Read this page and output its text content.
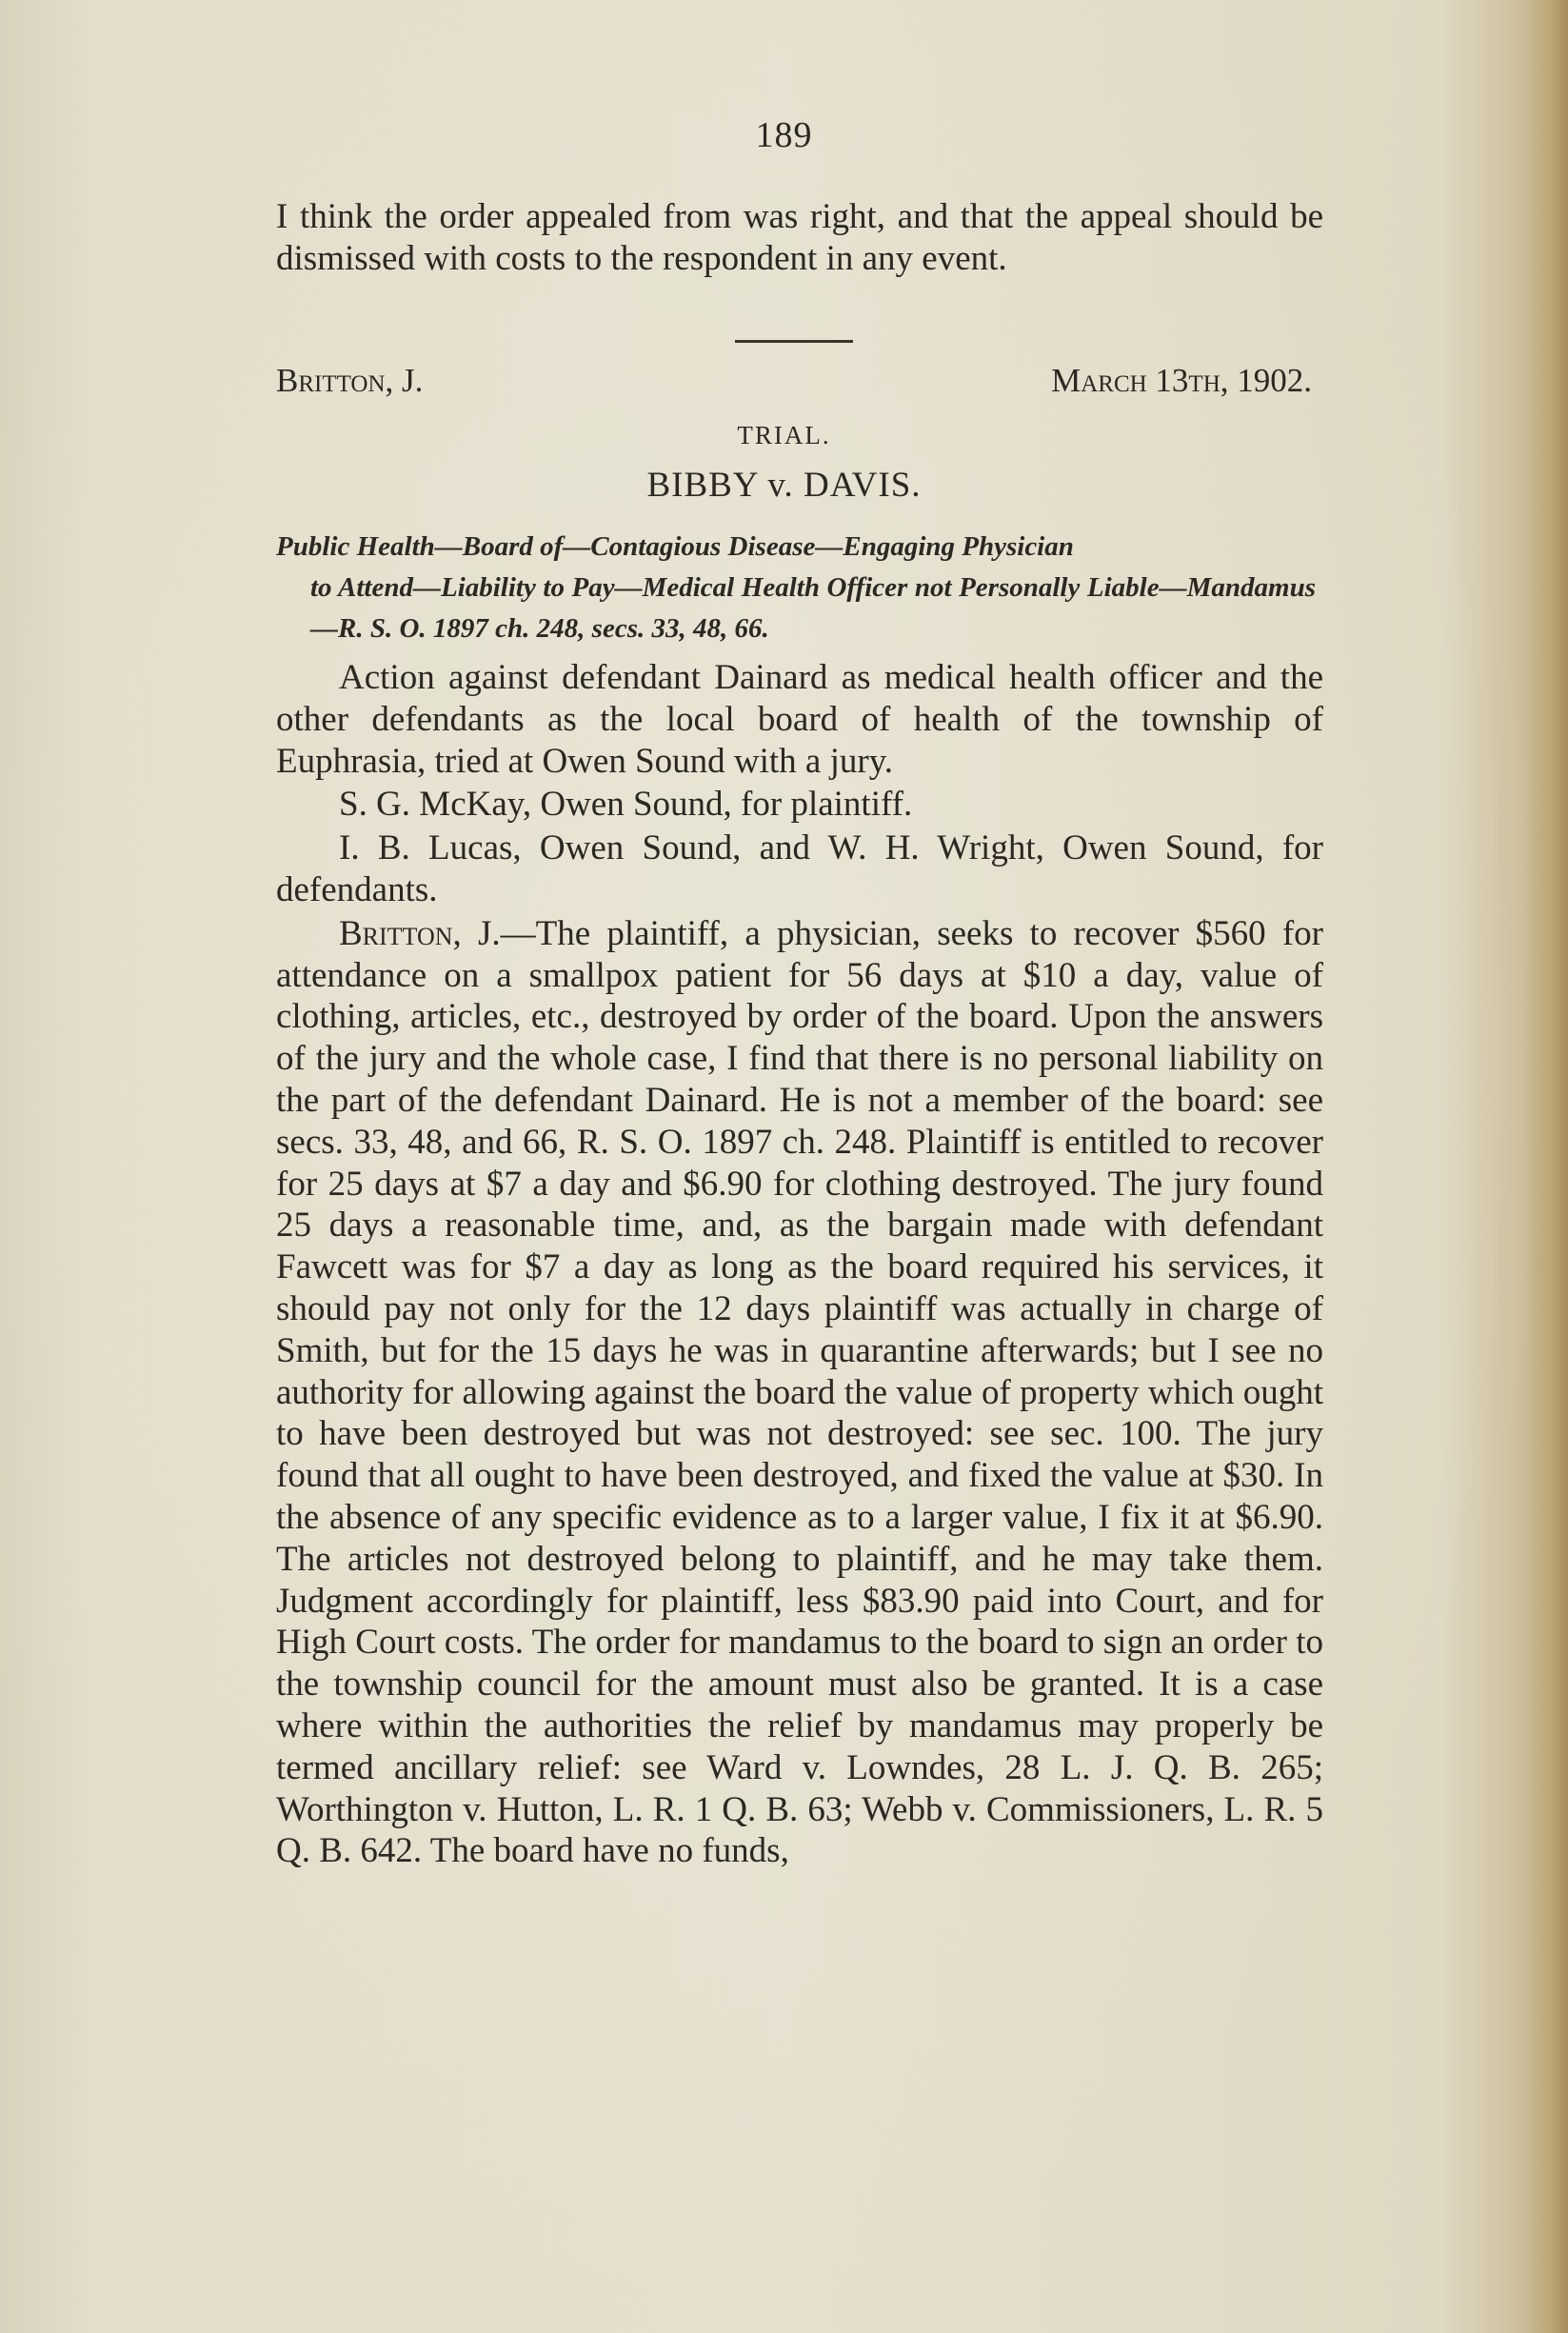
189

I think the order appealed from was right, and that the appeal should be dismissed with costs to the respondent in any event.

Britton, J.	March 13th, 1902.
TRIAL.
BIBBY v. DAVIS.
Public Health—Board of—Contagious Disease—Engaging Physician
to Attend—Liability to Pay—Medical Health Officer not Personally Liable—Mandamus—R. S. O. 1897 ch. 248, secs. 33, 48, 66.

Action against defendant Dainard as medical health officer and the other defendants as the local board of health of the township of Euphrasia, tried at Owen Sound with a jury.

S. G. McKay, Owen Sound, for plaintiff.

I. B. Lucas, Owen Sound, and W. H. Wright, Owen Sound, for defendants.

Britton, J.—The plaintiff, a physician, seeks to recover $560 for attendance on a smallpox patient for 56 days at $10 a day, value of clothing, articles, etc., destroyed by order of the board. Upon the answers of the jury and the whole case, I find that there is no personal liability on the part of the defendant Dainard. He is not a member of the board: see secs. 33, 48, and 66, R. S. O. 1897 ch. 248. Plaintiff is entitled to recover for 25 days at $7 a day and $6.90 for clothing destroyed. The jury found 25 days a reasonable time, and, as the bargain made with defendant Fawcett was for $7 a day as long as the board required his services, it should pay not only for the 12 days plaintiff was actually in charge of Smith, but for the 15 days he was in quarantine afterwards; but I see no authority for allowing against the board the value of property which ought to have been destroyed but was not destroyed: see sec. 100. The jury found that all ought to have been destroyed, and fixed the value at $30. In the absence of any specific evidence as to a larger value, I fix it at $6.90. The articles not destroyed belong to plaintiff, and he may take them. Judgment accordingly for plaintiff, less $83.90 paid into Court, and for High Court costs. The order for mandamus to the board to sign an order to the township council for the amount must also be granted. It is a case where within the authorities the relief by mandamus may properly be termed ancillary relief: see Ward v. Lowndes, 28 L. J. Q. B. 265; Worthington v. Hutton, L. R. 1 Q. B. 63; Webb v. Commissioners, L. R. 5 Q. B. 642. The board have no funds,
